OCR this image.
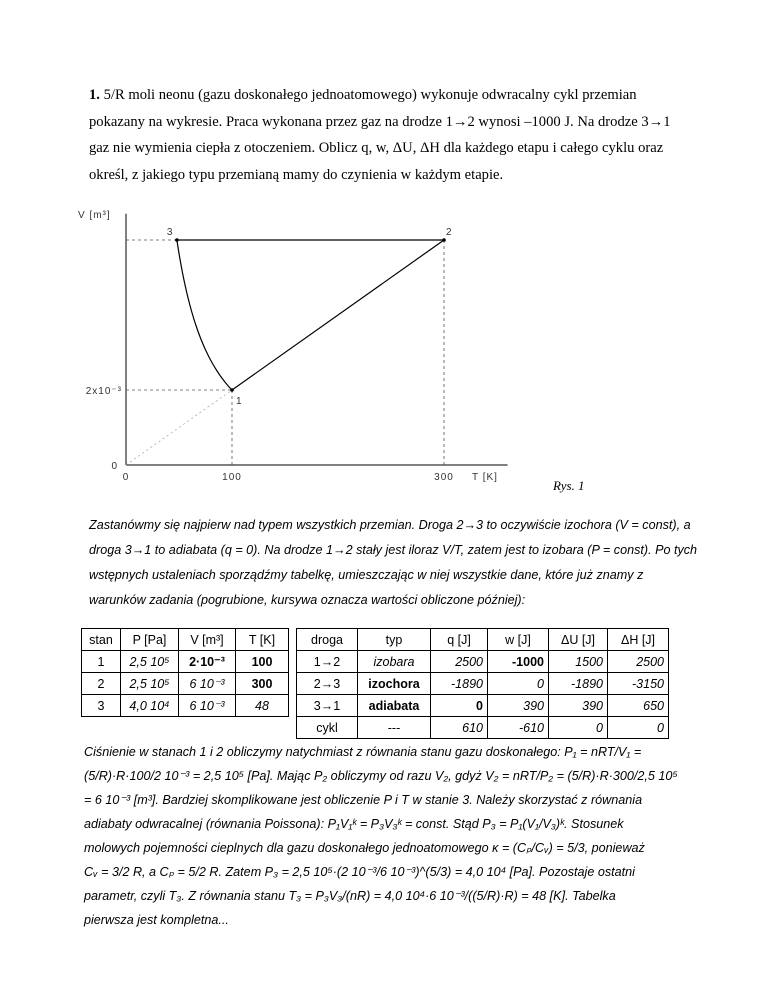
1. 5/R moli neonu (gazu doskonałego jednoatomowego) wykonuje odwracalny cykl przemian pokazany na wykresie. Praca wykonana przez gaz na drodze 1→2 wynosi –1000 J. Na drodze 3→1 gaz nie wymienia ciepła z otoczeniem. Oblicz q, w, ΔU, ΔH dla każdego etapu i całego cyklu oraz określ, z jakiego typu przemianą mamy do czynienia w każdym etapie.
V [m³]
T [K]
0	100	300
0
2x10⁻³
Rys. 1
1
2
3
Zastanówmy się najpierw nad typem wszystkich przemian. Droga 2→3 to oczywiście izochora (V = const), a droga 3→1 to adiabata (q = 0). Na drodze 1→2 stały jest iloraz V/T, zatem jest to izobara (P = const). Po tych wstępnych ustaleniach sporządźmy tabelkę, umieszczając w niej wszystkie dane, które już znamy z warunków zadania (pogrubione, kursywa oznacza wartości obliczone później):
stan	P [Pa]	V [m³]	T [K]
1	2,5 10⁵	2·10⁻³	100
2	2,5 10⁵	6 10⁻³	300
3	4,0 10⁴	6 10⁻³	48
droga	typ	q [J]	w [J]	ΔU [J]	ΔH [J]
1→2	izobara	2500	-1000	1500	2500
2→3	izochora	-1890	0	-1890	-3150
3→1	adiabata	0	390	390	650
cykl	---	610	-610	0	0
Ciśnienie w stanach 1 i 2 obliczymy natychmiast z równania stanu gazu doskonałego: P₁ = nRT/V₁ =
(5/R)·R·100/2 10⁻³ = 2,5 10⁵ [Pa]. Mając P₂ obliczymy od razu V₂, gdyż V₂ = nRT/P₂ = (5/R)·R·300/2,5 10⁵
= 6 10⁻³ [m³]. Bardziej skomplikowane jest obliczenie P i T w stanie 3. Należy skorzystać z równania
adiabaty odwracalnej (równania Poissona): P₁V₁ᵏ = P₃V₃ᵏ = const. Stąd P₃ = P₁(V₁/V₃)ᵏ. Stosunek
molowych pojemności cieplnych dla gazu doskonałego jednoatomowego κ = (Cₚ/Cᵥ) = 5/3, ponieważ
Cᵥ = 3/2 R, a Cₚ = 5/2 R. Zatem P₃ = 2,5 10⁵·(2 10⁻³/6 10⁻³)^(5/3) = 4,0 10⁴ [Pa]. Pozostaje ostatni
parametr, czyli T₃. Z równania stanu T₃ = P₃V₃/(nR) = 4,0 10⁴·6 10⁻³/((5/R)·R) = 48 [K]. Tabelka
pierwsza jest kompletna...
